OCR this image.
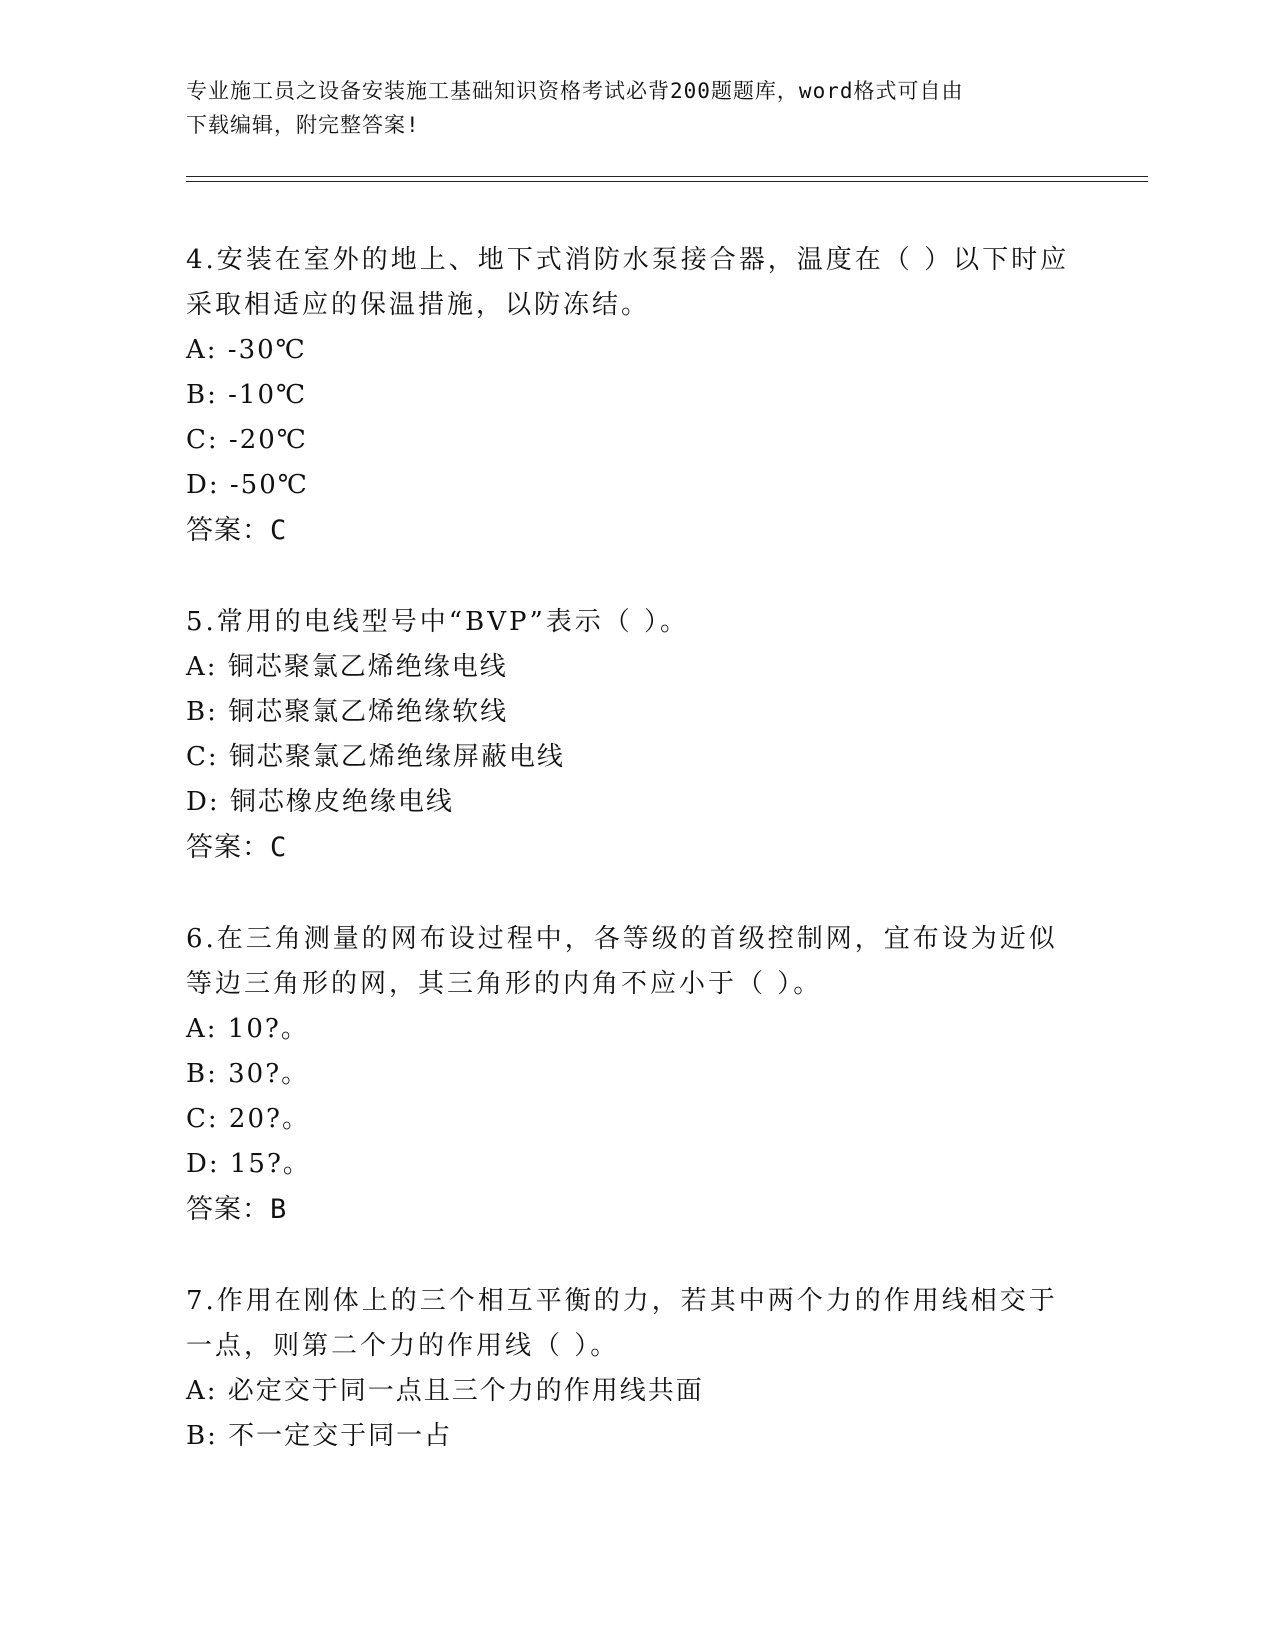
专业施工员之设备安装施工基础知识资格考试必背200题题库，word格式可自由
下载编辑，附完整答案!

4.安装在室外的地上、地下式消防水泵接合器，温度在（ ）以下时应
采取相适应的保温措施，以防冻结。

A: -30℃

B: -10℃

C: -20℃

D: -50℃

答案：C

5.常用的电线型号中“BVP”表示（ ）。

A: 铜芯聚氯乙烯绝缘电线

B: 铜芯聚氯乙烯绝缘软线

C: 铜芯聚氯乙烯绝缘屏蔽电线

D: 铜芯橡皮绝缘电线

答案：C

6.在三角测量的网布设过程中，各等级的首级控制网，宜布设为近似
等边三角形的网，其三角形的内角不应小于（ ）。

A: 10?。

B: 30?。

C: 20?。

D: 15?。

答案：B

7.作用在刚体上的三个相互平衡的力，若其中两个力的作用线相交于
一点，则第二个力的作用线（ ）。

A: 必定交于同一点且三个力的作用线共面

B: 不一定交于同一占
